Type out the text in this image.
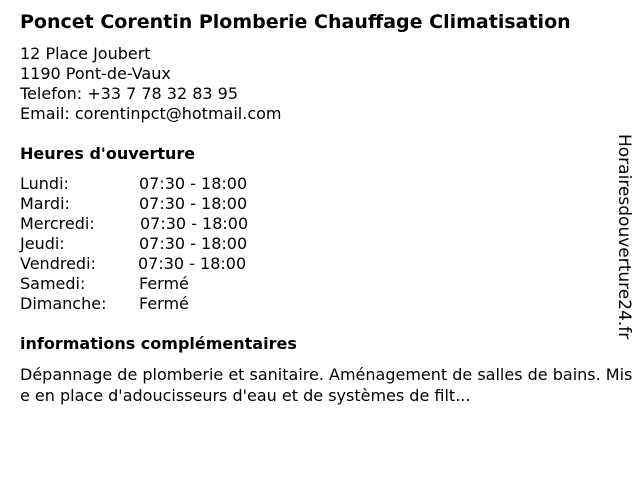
Poncet Corentin Plomberie Chauffage Climatisation
12 Place Joubert
1190 Pont-de-Vaux
Telefon: +33 7 78 32 83 95
Email: corentinpct@hotmail.com
Heures d'ouverture
Lundi:	07:30 - 18:00
Mardi:	07:30 - 18:00
Mercredi:	07:30 - 18:00
Jeudi:	07:30 - 18:00
Vendredi:	07:30 - 18:00
Samedi:	Fermé
Dimanche: Fermé
informations complémentaires
Dépannage de plomberie et sanitaire. Aménagement de salles de bains. Mise en place d'adoucisseurs d'eau et de systèmes de filt...
Horairesdouverture24.fr
